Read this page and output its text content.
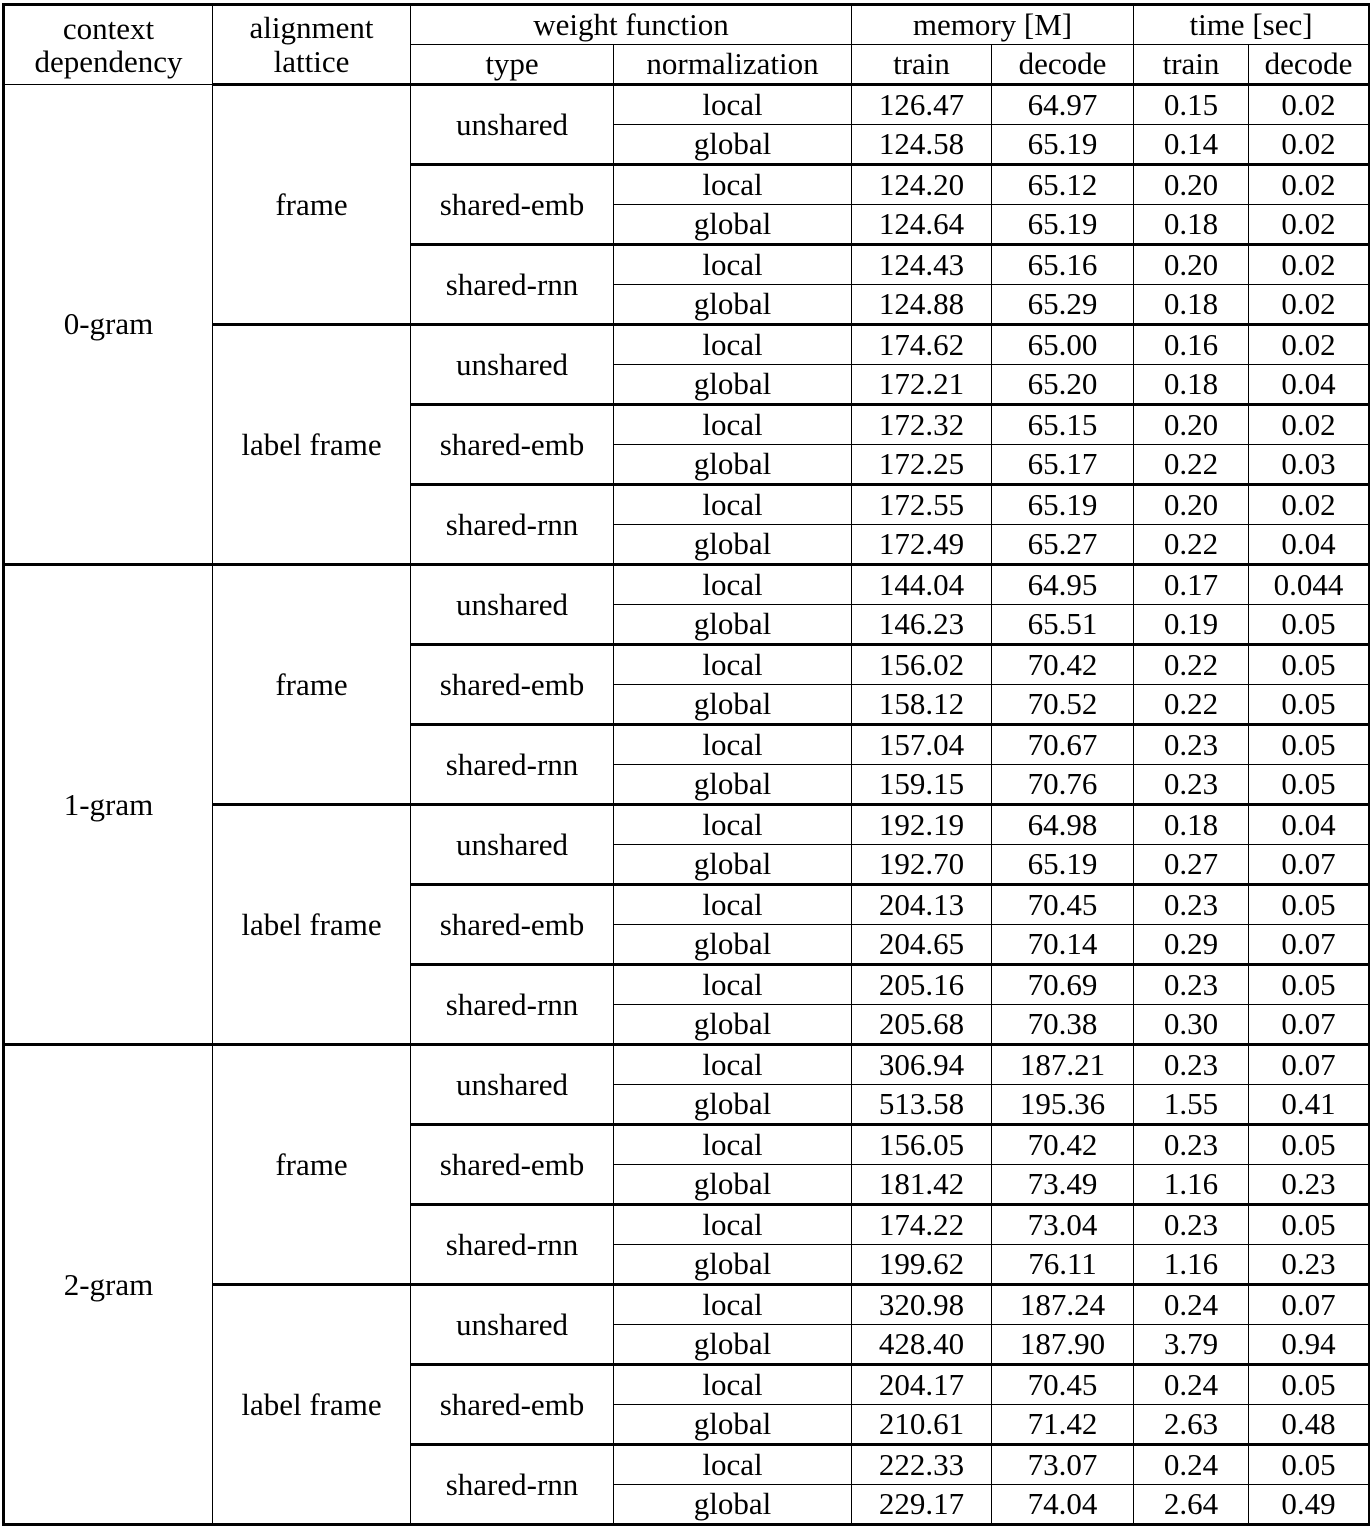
context
dependency

alignment
lattice
	weight function	memory [M]	time [sec]
		type	normalization	train	decode	train	decode
0-gram	frame	unshared	local	126.47	64.97	0.15	0.02
			global	124.58	65.19	0.14	0.02
		shared-emb	local	124.20	65.12	0.20	0.02
			global	124.64	65.19	0.18	0.02
		shared-rnn	local	124.43	65.16	0.20	0.02
			global	124.88	65.29	0.18	0.02
	label frame	unshared	local	174.62	65.00	0.16	0.02
			global	172.21	65.20	0.18	0.04
		shared-emb	local	172.32	65.15	0.20	0.02
			global	172.25	65.17	0.22	0.03
		shared-rnn	local	172.55	65.19	0.20	0.02
			global	172.49	65.27	0.22	0.04
1-gram	frame	unshared	local	144.04	64.95	0.17	0.044
			global	146.23	65.51	0.19	0.05
		shared-emb	local	156.02	70.42	0.22	0.05
			global	158.12	70.52	0.22	0.05
		shared-rnn	local	157.04	70.67	0.23	0.05
			global	159.15	70.76	0.23	0.05
	label frame	unshared	local	192.19	64.98	0.18	0.04
			global	192.70	65.19	0.27	0.07
		shared-emb	local	204.13	70.45	0.23	0.05
			global	204.65	70.14	0.29	0.07
		shared-rnn	local	205.16	70.69	0.23	0.05
			global	205.68	70.38	0.30	0.07
2-gram	frame	unshared	local	306.94	187.21	0.23	0.07
			global	513.58	195.36	1.55	0.41
		shared-emb	local	156.05	70.42	0.23	0.05
			global	181.42	73.49	1.16	0.23
		shared-rnn	local	174.22	73.04	0.23	0.05
			global	199.62	76.11	1.16	0.23
	label frame	unshared	local	320.98	187.24	0.24	0.07
			global	428.40	187.90	3.79	0.94
		shared-emb	local	204.17	70.45	0.24	0.05
			global	210.61	71.42	2.63	0.48
		shared-rnn	local	222.33	73.07	0.24	0.05
			global	229.17	74.04	2.64	0.49
